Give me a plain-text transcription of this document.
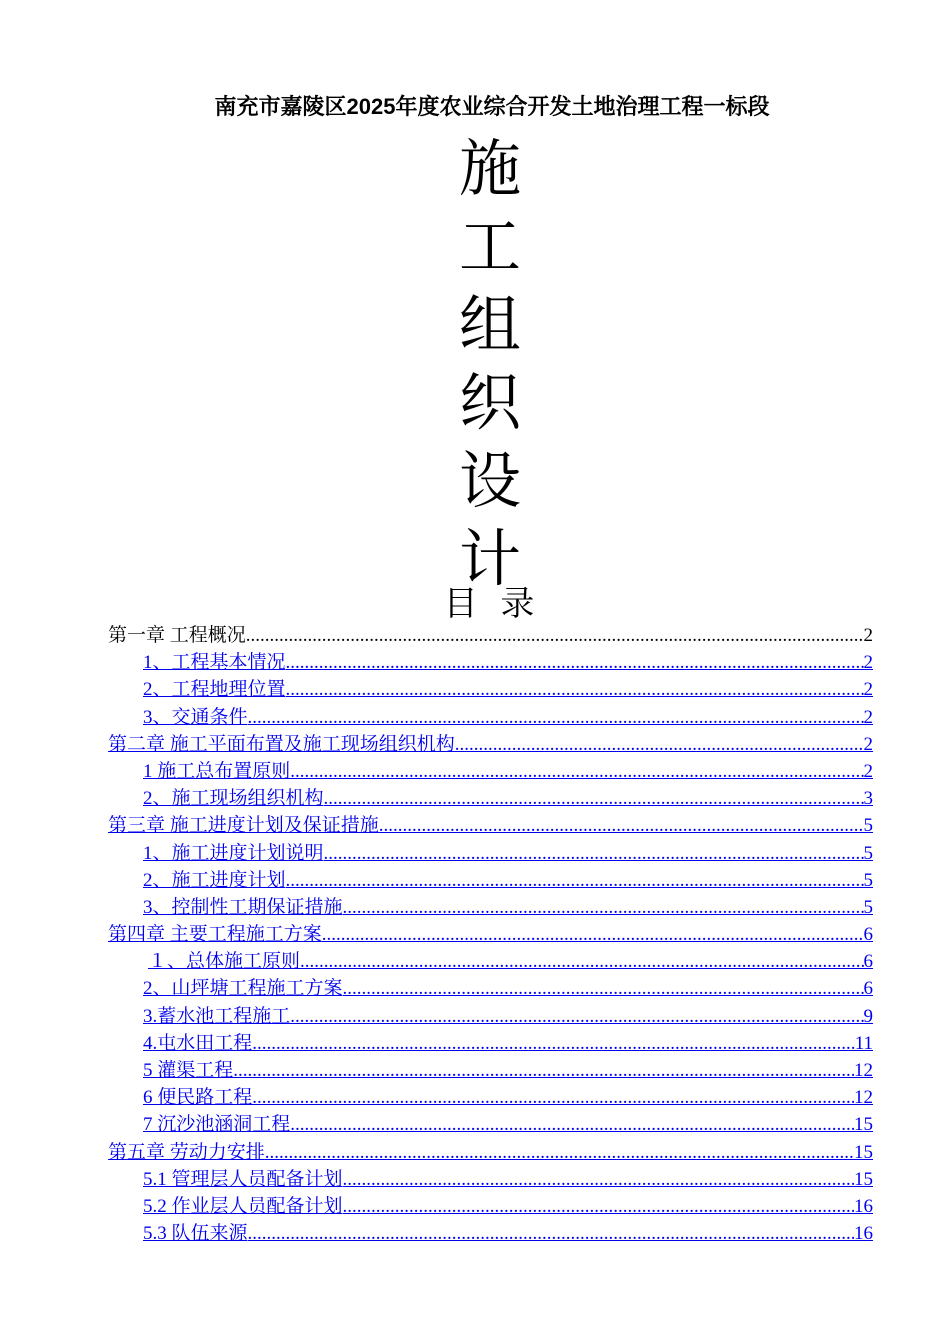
南充市嘉陵区2025年度农业综合开发土地治理工程一标段
施
工
组
织
设
计
目 录
第一章 工程概况 .....	2
1、工程基本情况 .....	2
2、工程地理位置 .....	2
3、交通条件 .....	2
第二章 施工平面布置及施工现场组织机构 .....	2
1 施工总布置原则 .....	2
2、施工现场组织机构 .....	3
第三章 施工进度计划及保证措施 .....	5
1、施工进度计划说明 .....	5
2、施工进度计划 .....	5
3、控制性工期保证措施 .....	5
第四章 主要工程施工方案 .....	6
１、总体施工原则 .....	6
2、山坪塘工程施工方案 .....	6
3.蓄水池工程施工 .....	9
4.屯水田工程 .....	11
5 灌渠工程 .....	12
6 便民路工程 .....	12
7 沉沙池涵洞工程 .....	15
第五章 劳动力安排 .....	15
5.1 管理层人员配备计划 .....	15
5.2 作业层人员配备计划 .....	16
5.3 队伍来源 .....	16
